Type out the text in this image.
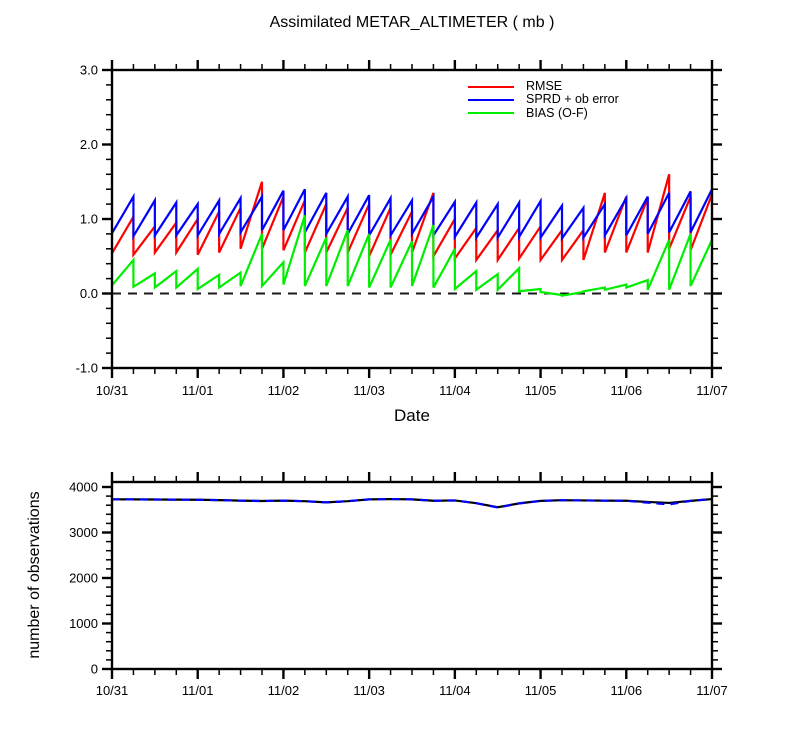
10/31	11/01	11/02	11/03	11/04	11/05	11/06	11/07
-1.0
0.0
1.0
2.0
3.0
10/31	11/01	11/02	11/03	11/04	11/05	11/06	11/07
0
1000
2000
3000
4000
Assimilated METAR_ALTIMETER ( mb )
RMSE
SPRD + ob error
BIAS (O-F)
Date
number of observations
